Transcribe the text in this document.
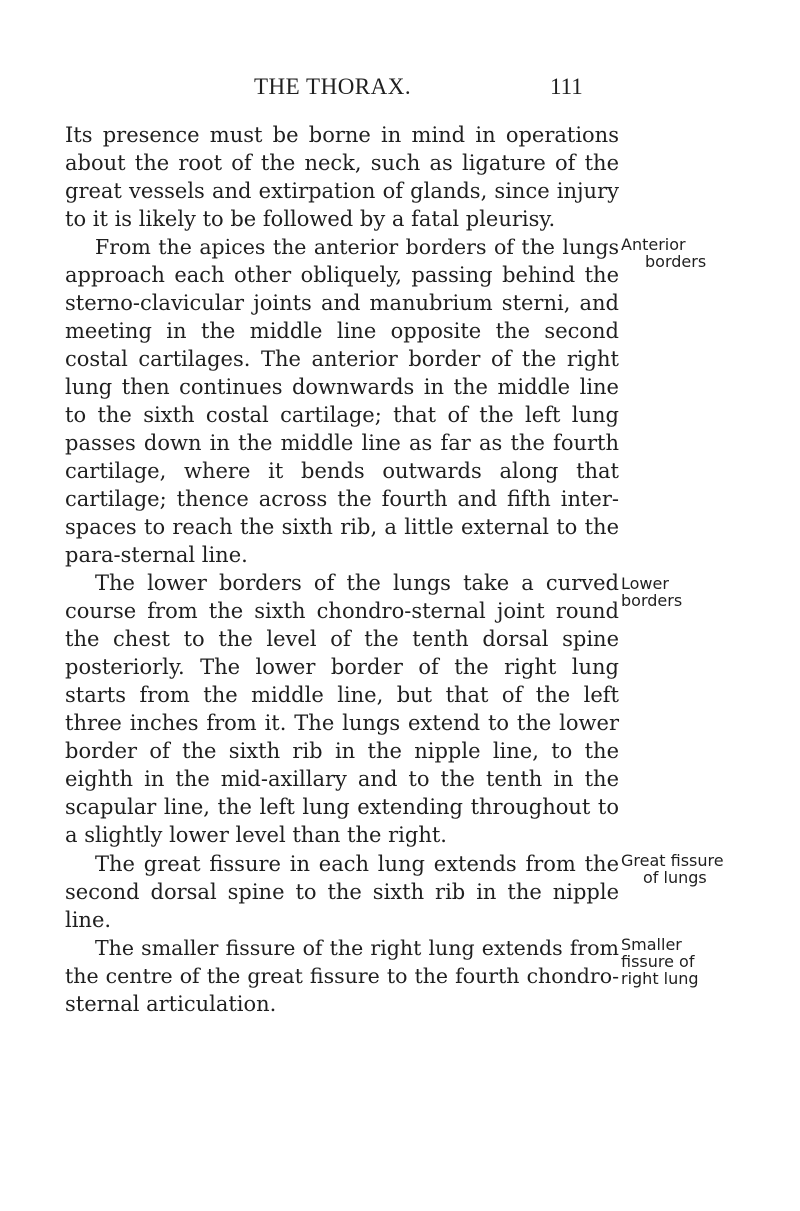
THE THORAX.	111
Its presence must be borne in mind in operations
about the root of the neck, such as ligature of the
great vessels and extirpation of glands, since injury
to it is likely to be followed by a fatal pleurisy.
From the apices the anterior borders of the lungs
approach each other obliquely, passing behind the
sterno-clavicular joints and manubrium sterni, and
meeting in the middle line opposite the second
costal cartilages. The anterior border of the right
lung then continues downwards in the middle line
to the sixth costal cartilage; that of the left lung
passes down in the middle line as far as the fourth
cartilage, where it bends outwards along that
cartilage; thence across the fourth and fifth inter-
spaces to reach the sixth rib, a little external to the
para-sternal line.
The lower borders of the lungs take a curved
course from the sixth chondro-sternal joint round
the chest to the level of the tenth dorsal spine
posteriorly. The lower border of the right lung
starts from the middle line, but that of the left
three inches from it. The lungs extend to the lower
border of the sixth rib in the nipple line, to the
eighth in the mid-axillary and to the tenth in the
scapular line, the left lung extending throughout to
a slightly lower level than the right.
The great fissure in each lung extends from the
second dorsal spine to the sixth rib in the nipple
line.
The smaller fissure of the right lung extends from
the centre of the great fissure to the fourth chondro-
sternal articulation.
Anterior
borders
Lower
borders
Great fissure
of lungs
Smaller
fissure of
right lung
